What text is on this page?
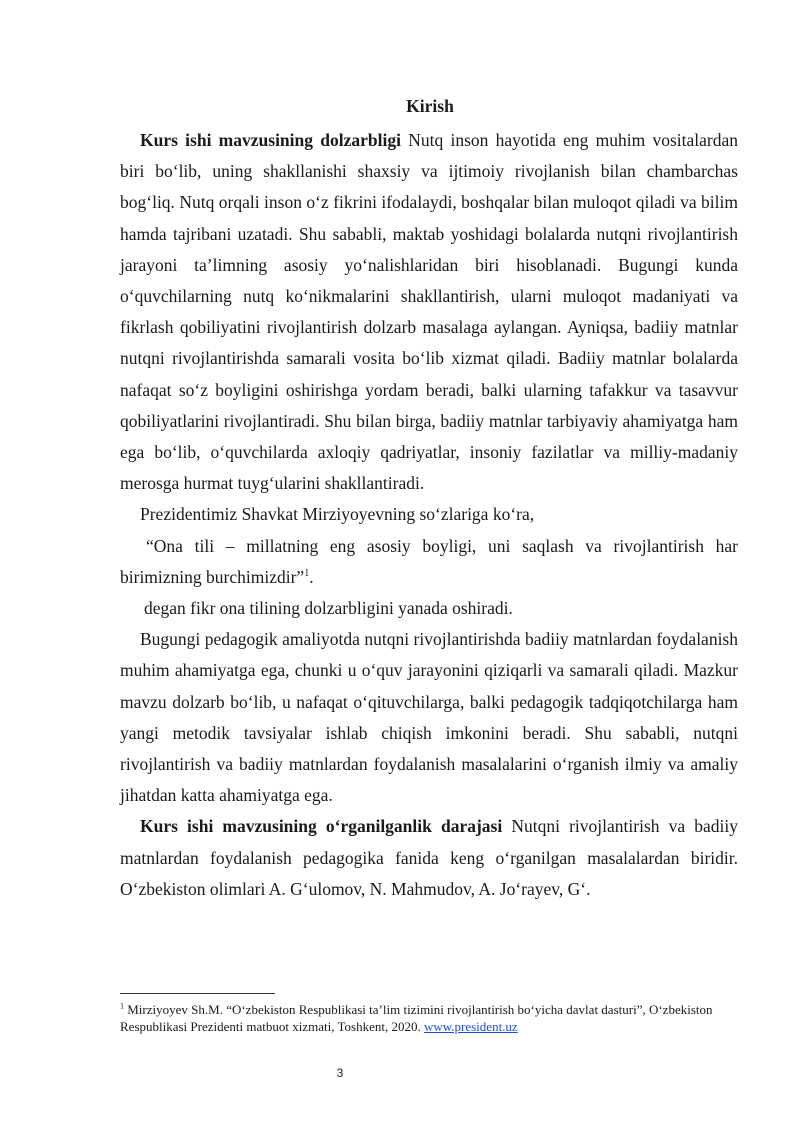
Kirish

Kurs ishi mavzusining dolzarbligi Nutq inson hayotida eng muhim vositalardan biri bo‘lib, uning shakllanishi shaxsiy va ijtimoiy rivojlanish bilan chambarchas bog‘liq. Nutq orqali inson o‘z fikrini ifodalaydi, boshqalar bilan muloqot qiladi va bilim hamda tajribani uzatadi. Shu sababli, maktab yoshidagi bolalarda nutqni rivojlantirish jarayoni ta’limning asosiy yo‘nalishlaridan biri hisoblanadi. Bugungi kunda o‘quvchilarning nutq ko‘nikmalarini shakllantirish, ularni muloqot madaniyati va fikrlash qobiliyatini rivojlantirish dolzarb masalaga aylangan. Ayniqsa, badiiy matnlar nutqni rivojlantirishda samarali vosita bo‘lib xizmat qiladi. Badiiy matnlar bolalarda nafaqat so‘z boyligini oshirishga yordam beradi, balki ularning tafakkur va tasavvur qobiliyatlarini rivojlantiradi. Shu bilan birga, badiiy matnlar tarbiyaviy ahamiyatga ham ega bo‘lib, o‘quvchilarda axloqiy qadriyatlar, insoniy fazilatlar va milliy-madaniy merosga hurmat tuyg‘ularini shakllantiradi.

Prezidentimiz Shavkat Mirziyoyevning so‘zlariga ko‘ra,

“Ona tili – millatning eng asosiy boyligi, uni saqlash va rivojlantirish har birimizning burchimizdir”$^1$.

degan fikr ona tilining dolzarbligini yanada oshiradi.

Bugungi pedagogik amaliyotda nutqni rivojlantirishda badiiy matnlardan foydalanish muhim ahamiyatga ega, chunki u o‘quv jarayonini qiziqarli va samarali qiladi. Mazkur mavzu dolzarb bo‘lib, u nafaqat o‘qituvchilarga, balki pedagogik tadqiqotchilarga ham yangi metodik tavsiyalar ishlab chiqish imkonini beradi. Shu sababli, nutqni rivojlantirish va badiiy matnlardan foydalanish masalalarini o‘rganish ilmiy va amaliy jihatdan katta ahamiyatga ega.

Kurs ishi mavzusining o‘rganilganlik darajasi Nutqni rivojlantirish va badiiy matnlardan foydalanish pedagogika fanida keng o‘rganilgan masalalardan biridir. O‘zbekiston olimlari A. G‘ulomov, N. Mahmudov, A. Jo‘rayev, G‘.

$^1$ Mirziyoyev Sh.M. “O‘zbekiston Respublikasi ta’lim tizimini rivojlantirish bo‘yicha davlat dasturi”, O‘zbekiston Respublikasi Prezidenti matbuot xizmati, Toshkent, 2020. www.president.uz
3
